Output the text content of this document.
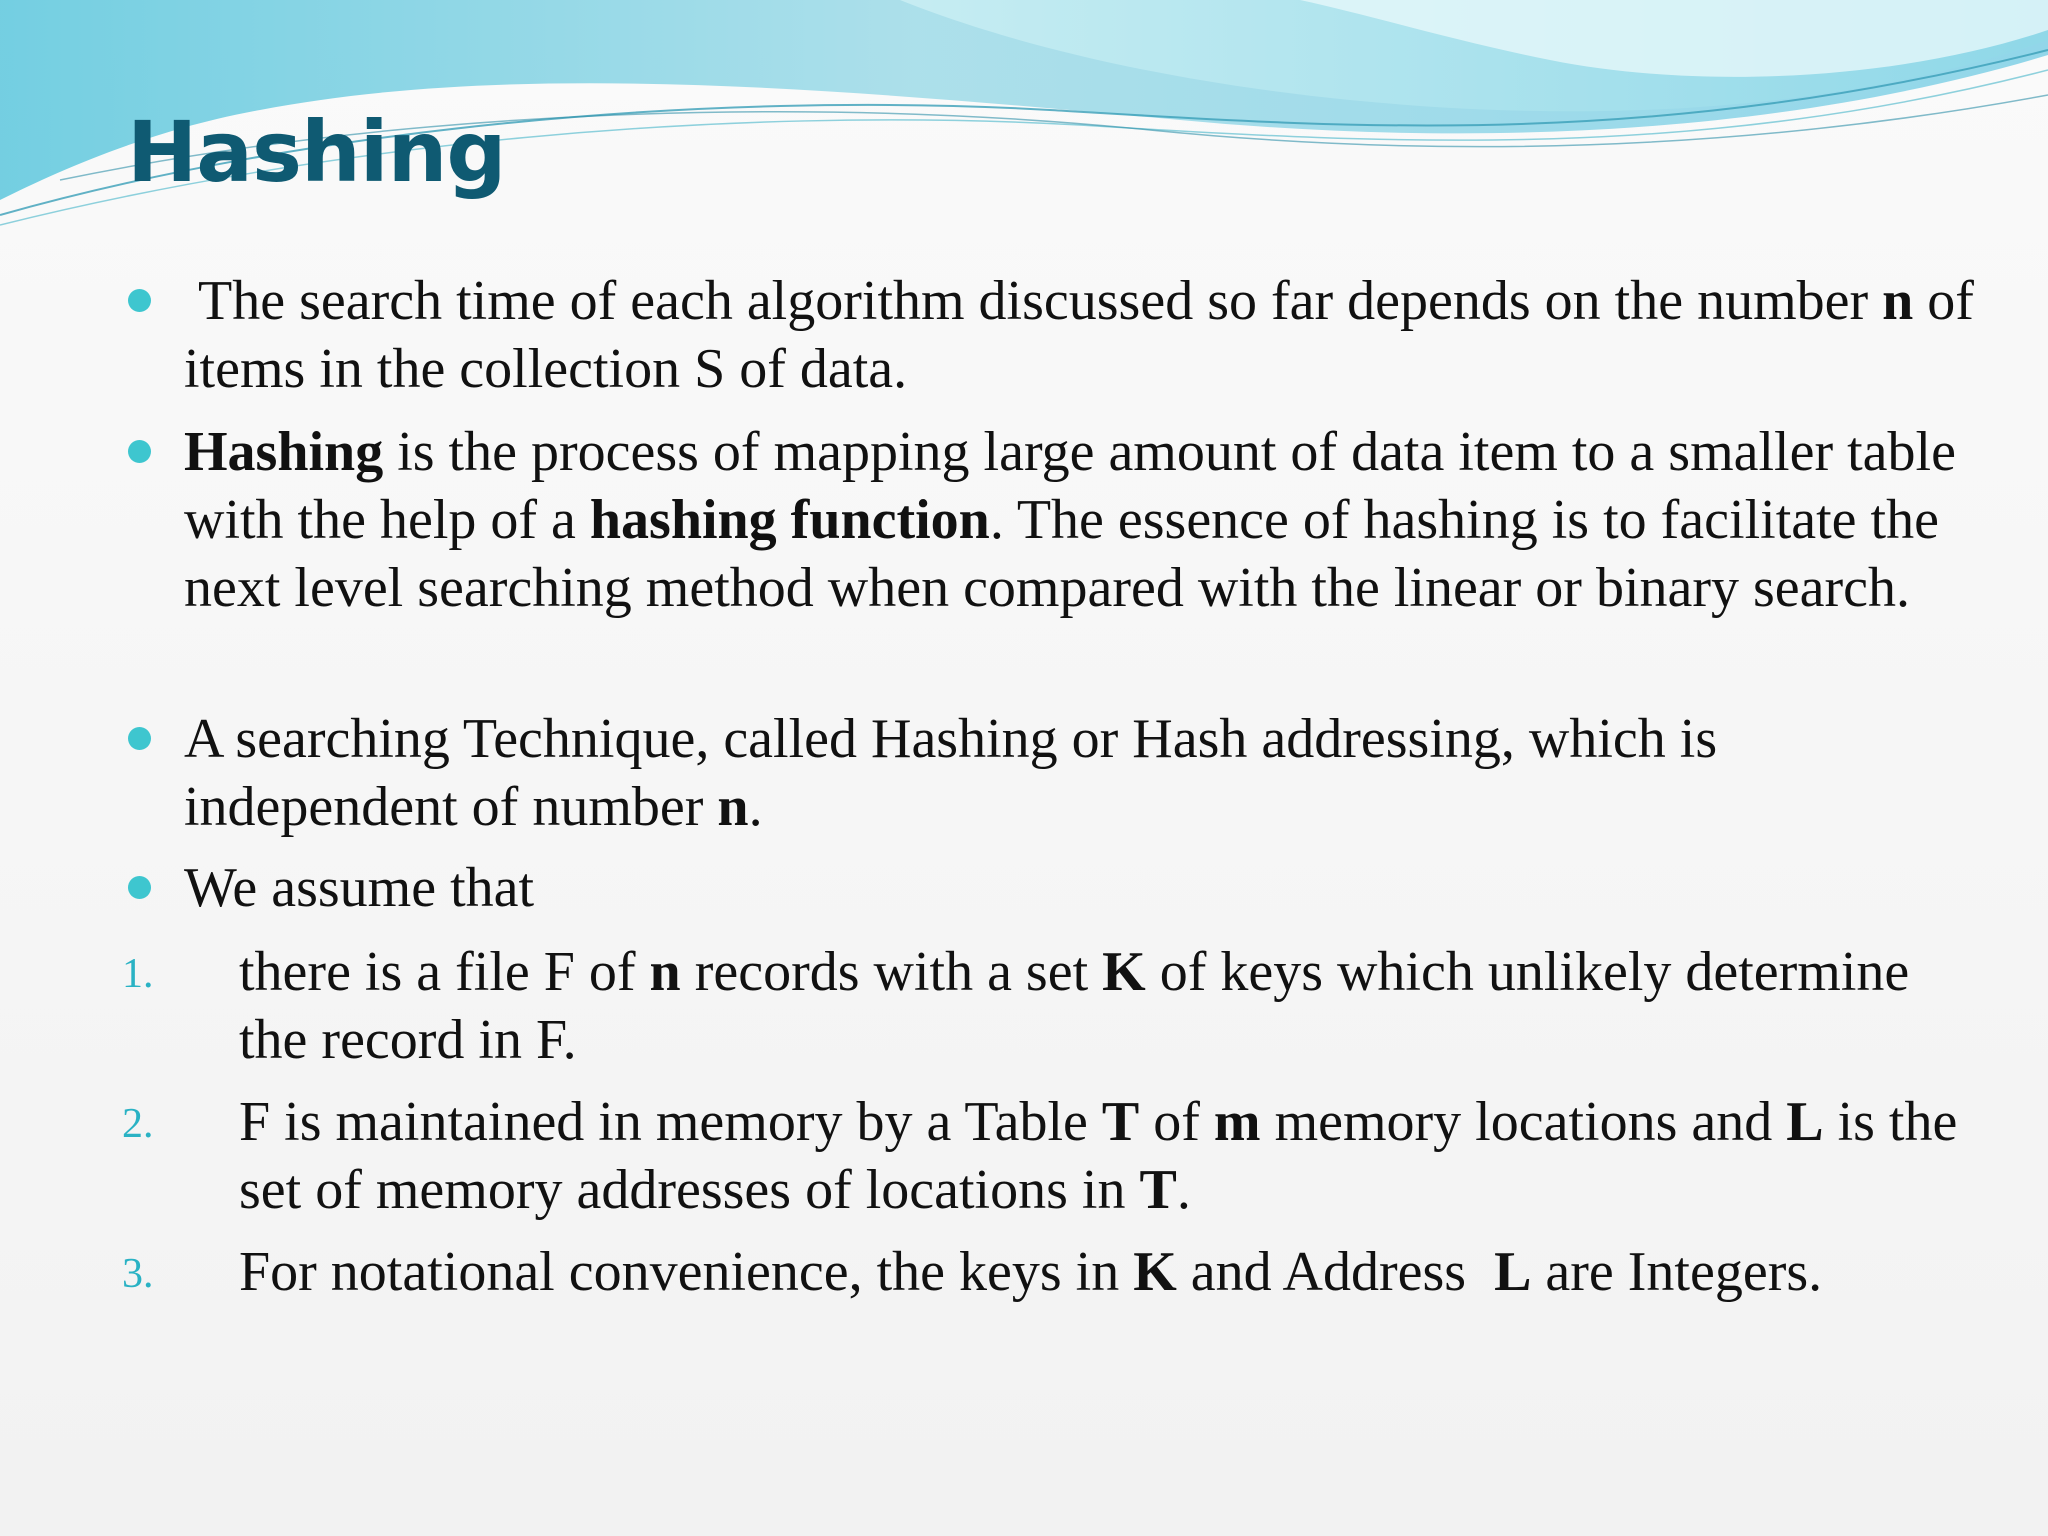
Hashing
The search time of each algorithm discussed so far depends on the number n of items in the collection S of data.
Hashing is the process of mapping large amount of data item to a smaller table with the help of a hashing function. The essence of hashing is to facilitate the next level searching method when compared with the linear or binary search.
A searching Technique, called Hashing or Hash addressing, which is independent of number n.
We assume that
1. there is a file F of n records with a set K of keys which unlikely determine the record in F.
2. F is maintained in memory by a Table T of m memory locations and L is the set of memory addresses of locations in T.
3. For notational convenience, the keys in K and Address  L are Integers.
